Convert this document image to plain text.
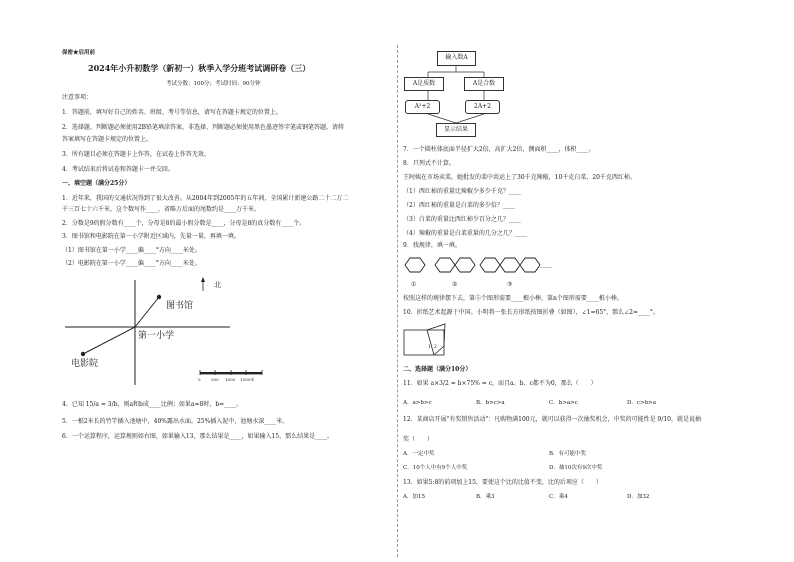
保密★启用前
2024年小升初数学（新初一）秋季入学分班考试调研卷（三）
考试分数：100分；考试时间：90分钟
注意事项：
1．答题前，填写好自己的姓名、班级、考号等信息，请写在答题卡规定的位置上。
2．选择题、判断题必须使用2B铅笔填涂答案，非选择、判断题必须使用黑色墨迹签字笔或钢笔答题，请将
答案填写在答题卡规定的位置上。
3．所有题目必须在答题卡上作答，在试卷上作答无效。
4．考试结束后将试卷和答题卡一并交回。
一、填空题（满分25分）
1．近年来，我国的交通状况得到了很大改善。从2004年到2005年的五年间，全国累计新建公路二十二万二
千三百七十六千米，这个数写作____，省略万后面的尾数约是____万千米。
2．分数是9的假分数有____个，分母是8的最小假分数是____，分母是8的真分数有____个。
3．图书馆和电影院在第一小学附近区域内，先量一量，再填一填。
（1）图书馆在第一小学____偏____°方向____米处。
（2）电影院在第一小学____偏____°方向____米处。
北
图书馆
第一小学
电影院
0	500 1000 1500米
4．已知 15/a = 3/b，则a和b成____比例；如果a=8时，b=____。
5．一根2米长的竹竿插入池塘中，40%露出水面，25%插入泥中，池塘水深____米。
6．一个运算程序，运算规则如右图，如果输入13，那么结果是____，如果输入15，那么结果是____。
输入数A
A是质数	A是合数
A²+2	2A+2
显示结果
7．一个圆柱体底面半径扩大2倍，高扩大2倍，侧面积____，体积____。
8．只列式不计算。
王阿姨在市场卖菜，她批发的菜中共运上了30千克辣椒，10千克白菜，20千克西红柿。
（1）西红柿的重量比辣椒少多少千克？____
（2）西红柿的重量是白菜的多少倍？____
（3）白菜的重量比西红柿少百分之几？____
（4）辣椒的重量是白菜重量的几分之几？____
9．找规律，填一填。
……
①	②	③
按照这样的规律摆下去，第⑤个图形需要____根小棒，第n个图形需要____根小棒。
10．折纸艺术起源于中国。小明将一张长方形纸按图折叠（如图），∠1=65°，那么∠2=____°。
1 2
二、选择题（满分10分）
11．如果 a×3/2 = b×75% = c，而且a、b、c都不为0，那么（　　）
A．a>b>c	B．b>c>a	C．b>a>c	D．c>b>a
12．某商店开展"有奖销售活动"：凡购物满100元，就可以获得一次抽奖机会，中奖的可能性是 9/10，就是说抽
奖（　　）
A．一定中奖	B．有可能中奖
C．10个人中有9个人中奖	D．抽10次有9次中奖
13．如果5:8的前项加上15，要使这个比的比值不变，比的后项应（　　）
A．加15	B．乘3	C．乘4	D．加32
